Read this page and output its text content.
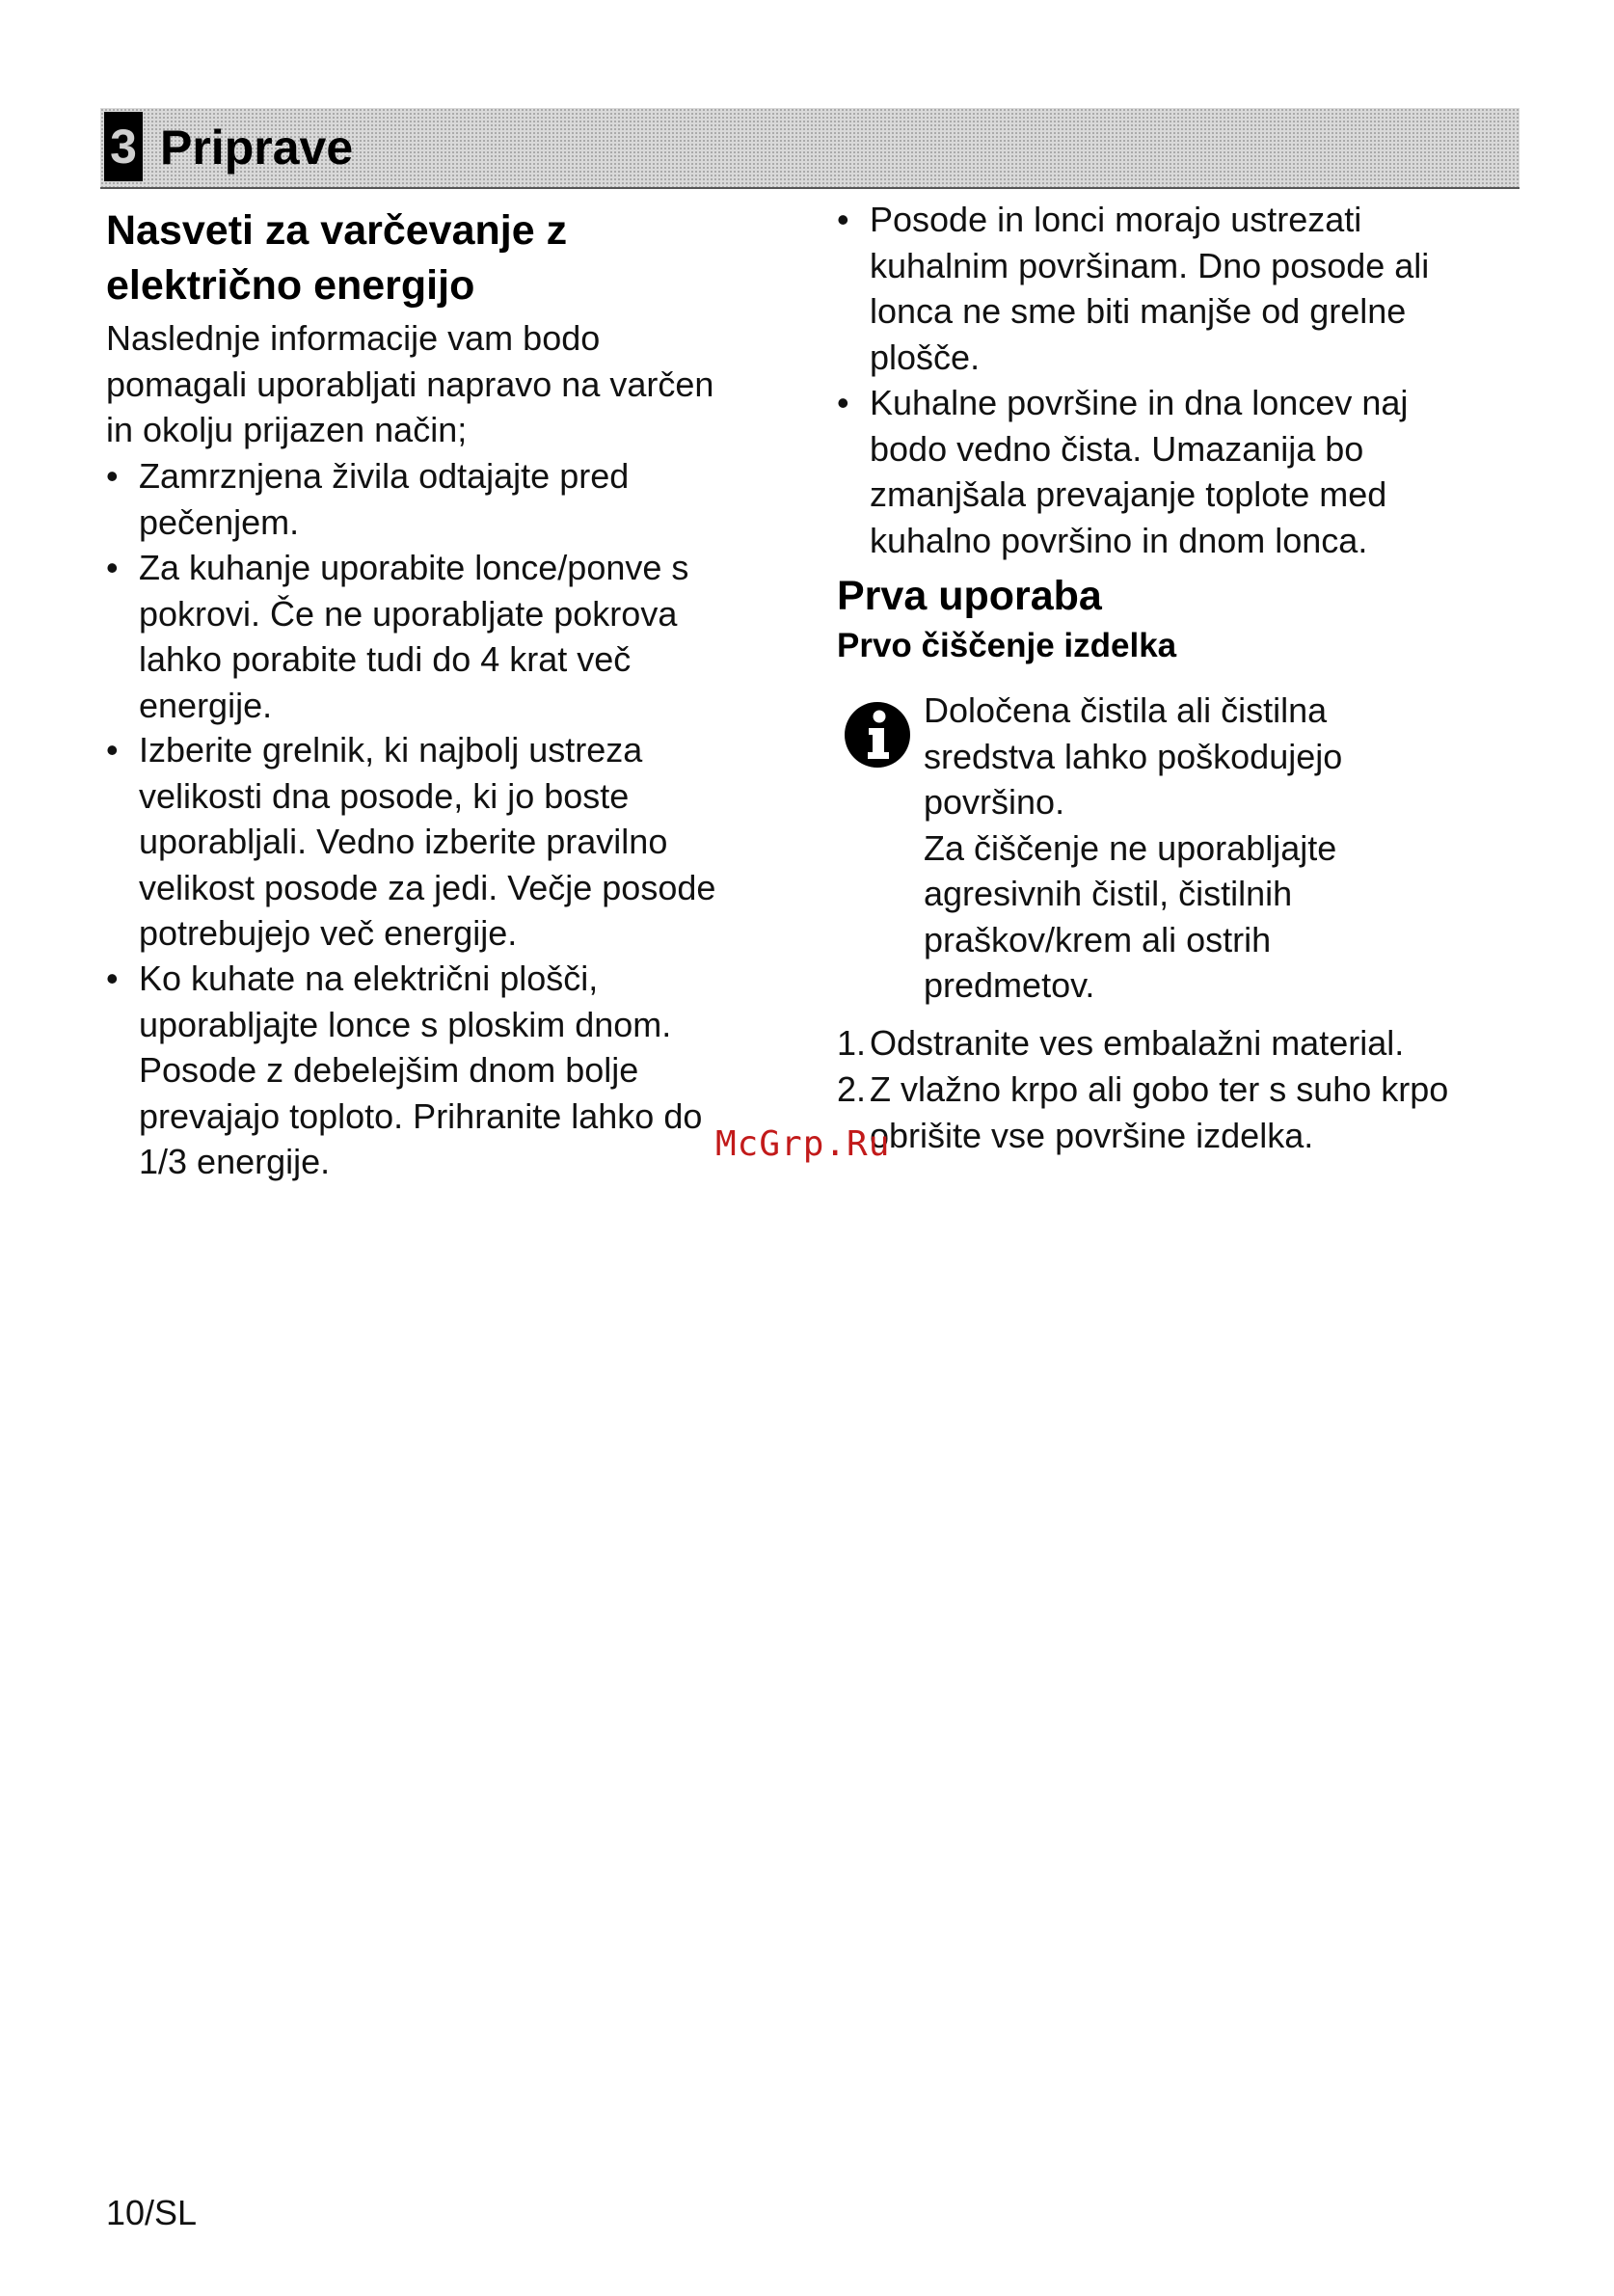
3 Priprave
Nasveti za varčevanje z
električno energijo
Naslednje informacije vam bodo
pomagali uporabljati napravo na varčen
in okolju prijazen način;
• Zamrznjena živila odtajajte pred
pečenjem.
• Za kuhanje uporabite lonce/ponve s
pokrovi. Če ne uporabljate pokrova
lahko porabite tudi do 4 krat več
energije.
• Izberite grelnik, ki najbolj ustreza
velikosti dna posode, ki jo boste
uporabljali. Vedno izberite pravilno
velikost posode za jedi. Večje posode
potrebujejo več energije.
• Ko kuhate na električni plošči,
uporabljajte lonce s ploskim dnom.
Posode z debelejšim dnom bolje
prevajajo toploto. Prihranite lahko do
1/3 energije.
• Posode in lonci morajo ustrezati
kuhalnim površinam. Dno posode ali
lonca ne sme biti manjše od grelne
plošče.
• Kuhalne površine in dna loncev naj
bodo vedno čista. Umazanija bo
zmanjšala prevajanje toplote med
kuhalno površino in dnom lonca.
Prva uporaba
Prvo čiščenje izdelka
Določena čistila ali čistilna
sredstva lahko poškodujejo
površino.
Za čiščenje ne uporabljajte
agresivnih čistil, čistilnih
praškov/krem ali ostrih
predmetov.
1. Odstranite ves embalažni material.
2. Z vlažno krpo ali gobo ter s suho krpo
obrišite vse površine izdelka.
McGrp.Ru
10/SL
